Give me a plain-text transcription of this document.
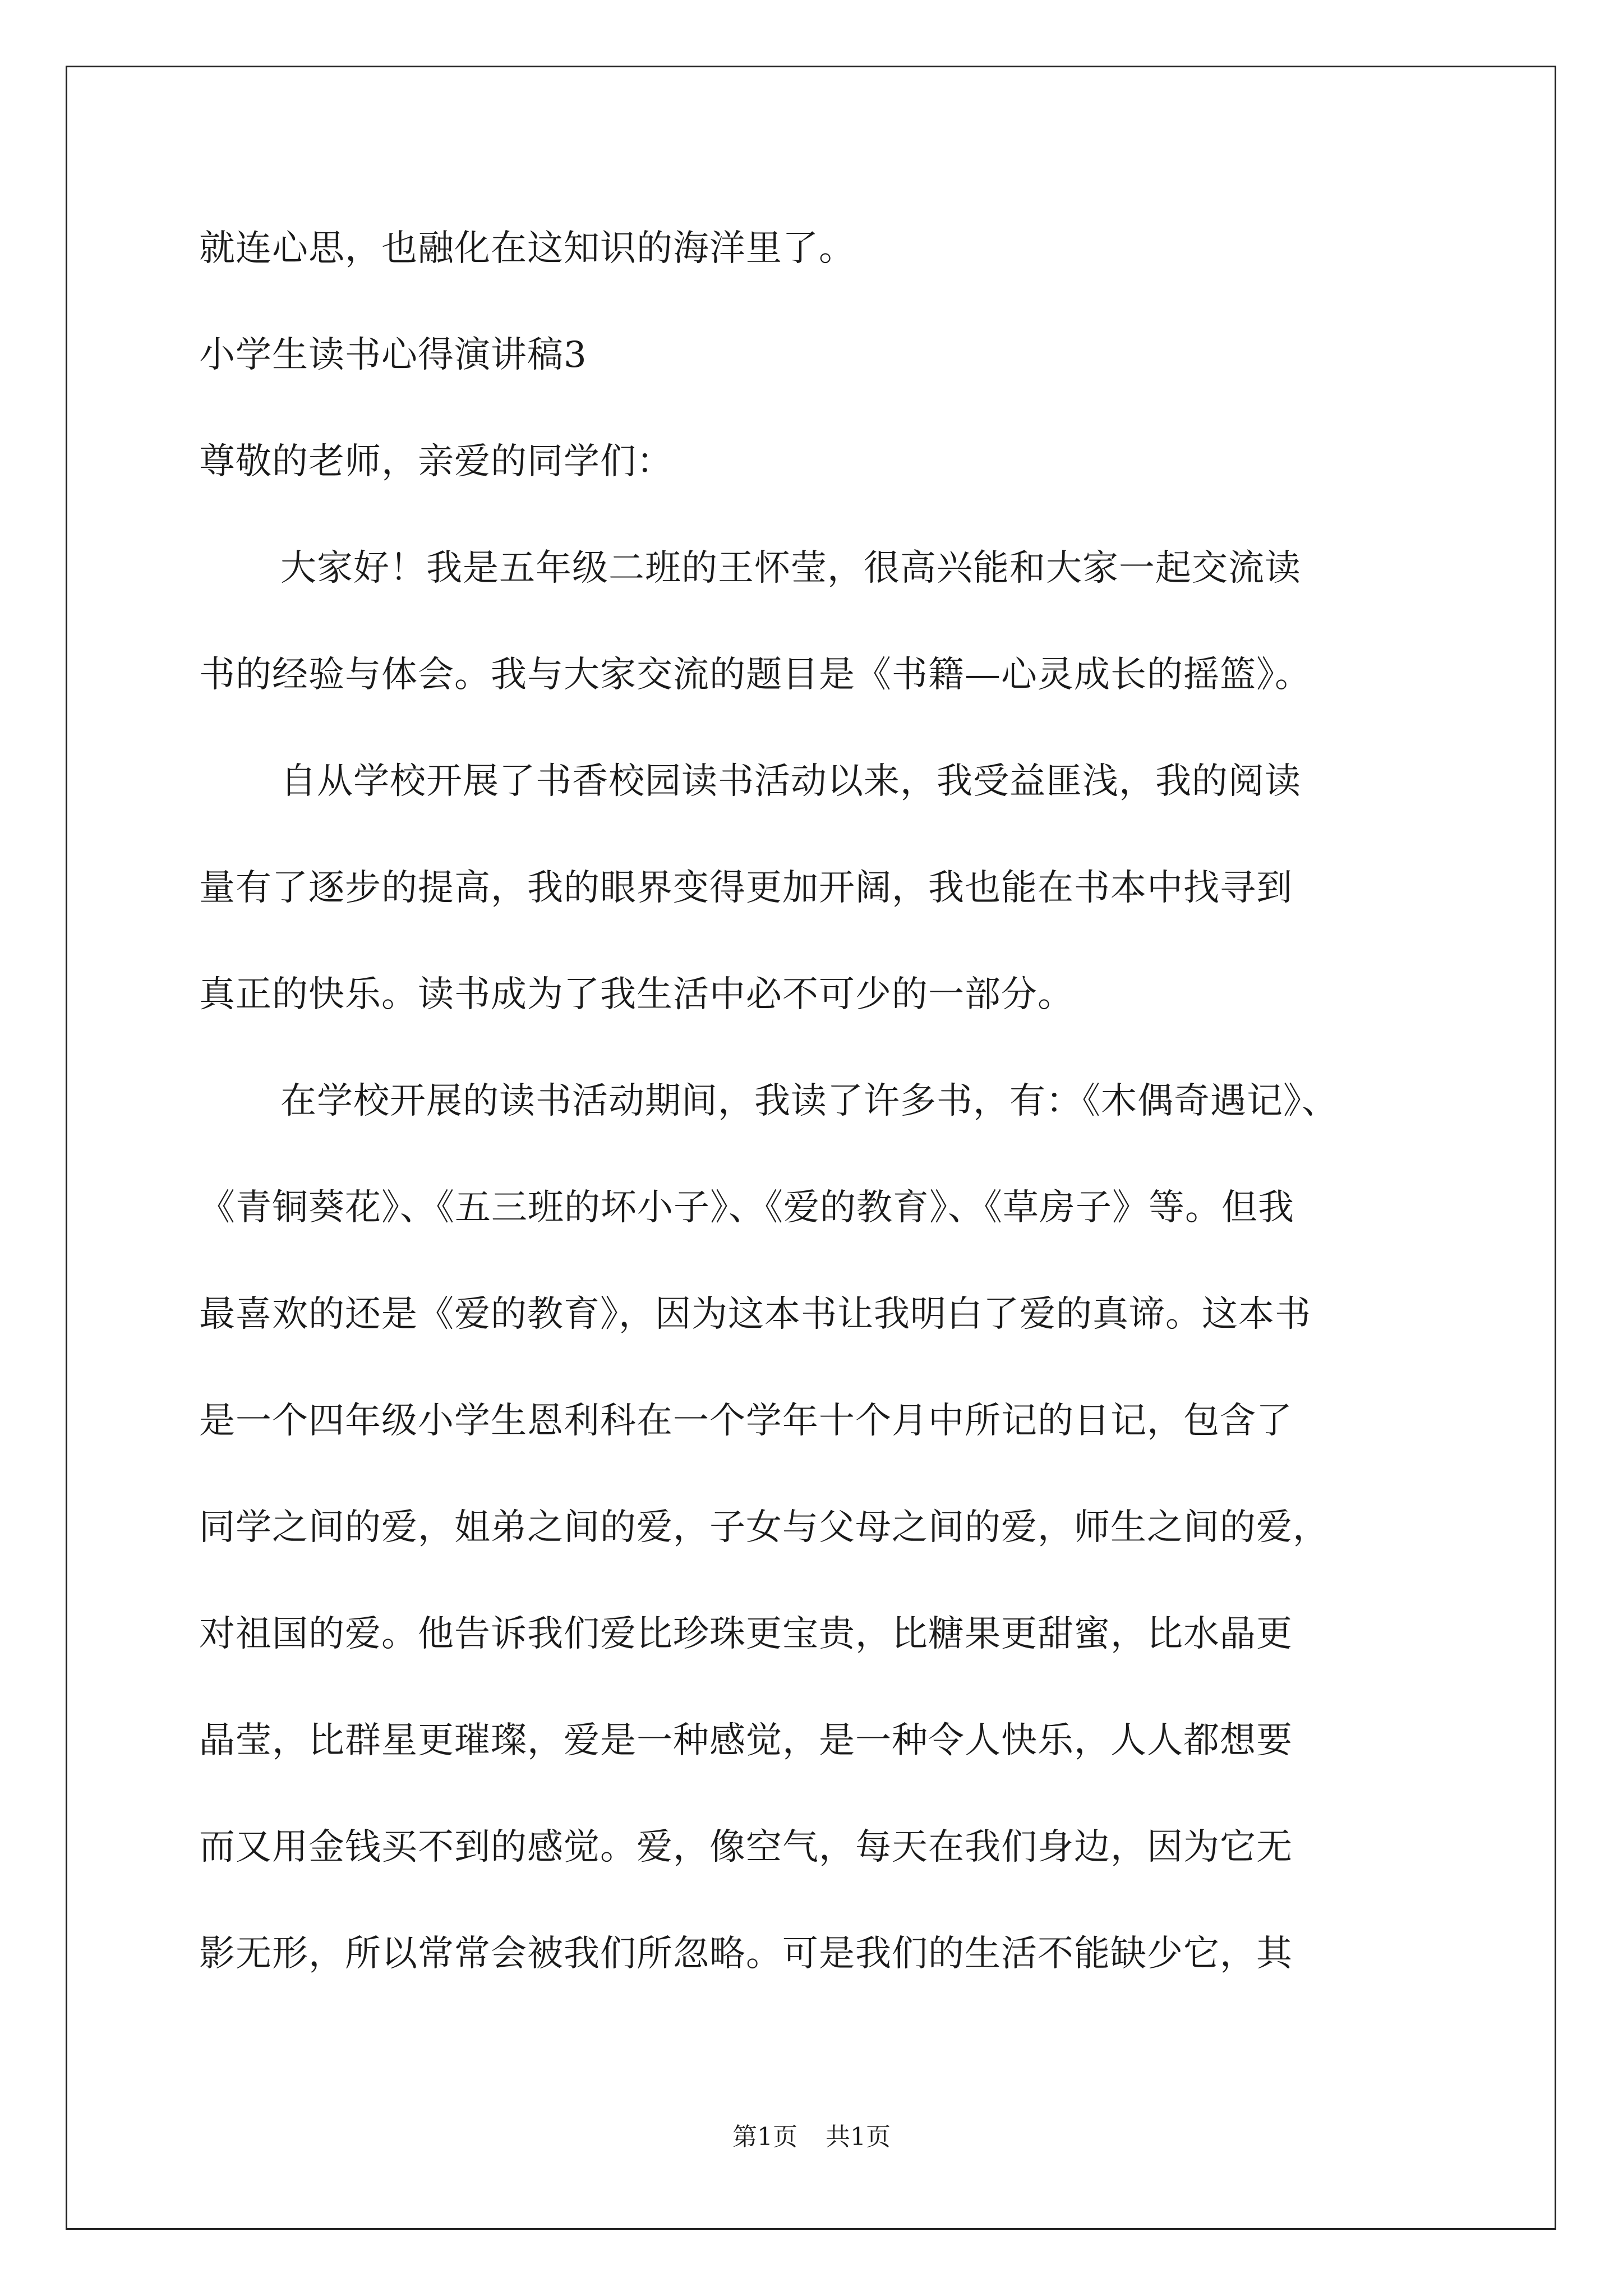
就连心思，也融化在这知识的海洋里了。
小学生读书心得演讲稿3
尊敬的老师，亲爱的同学们：
大家好！我是五年级二班的王怀莹，很高兴能和大家一起交流读
书的经验与体会。我与大家交流的题目是《书籍—心灵成长的摇篮》。
自从学校开展了书香校园读书活动以来，我受益匪浅，我的阅读
量有了逐步的提高，我的眼界变得更加开阔，我也能在书本中找寻到
真正的快乐。读书成为了我生活中必不可少的一部分。
在学校开展的读书活动期间，我读了许多书，有：《木偶奇遇记》、
《青铜葵花》、《五三班的坏小子》、《爱的教育》、《草房子》等。但我
最喜欢的还是《爱的教育》，因为这本书让我明白了爱的真谛。这本书
是一个四年级小学生恩利科在一个学年十个月中所记的日记，包含了
同学之间的爱，姐弟之间的爱，子女与父母之间的爱，师生之间的爱，
对祖国的爱。他告诉我们爱比珍珠更宝贵，比糖果更甜蜜，比水晶更
晶莹，比群星更璀璨，爱是一种感觉，是一种令人快乐，人人都想要
而又用金钱买不到的感觉。爱，像空气，每天在我们身边，因为它无
影无形，所以常常会被我们所忽略。可是我们的生活不能缺少它，其
第1页 共1页
